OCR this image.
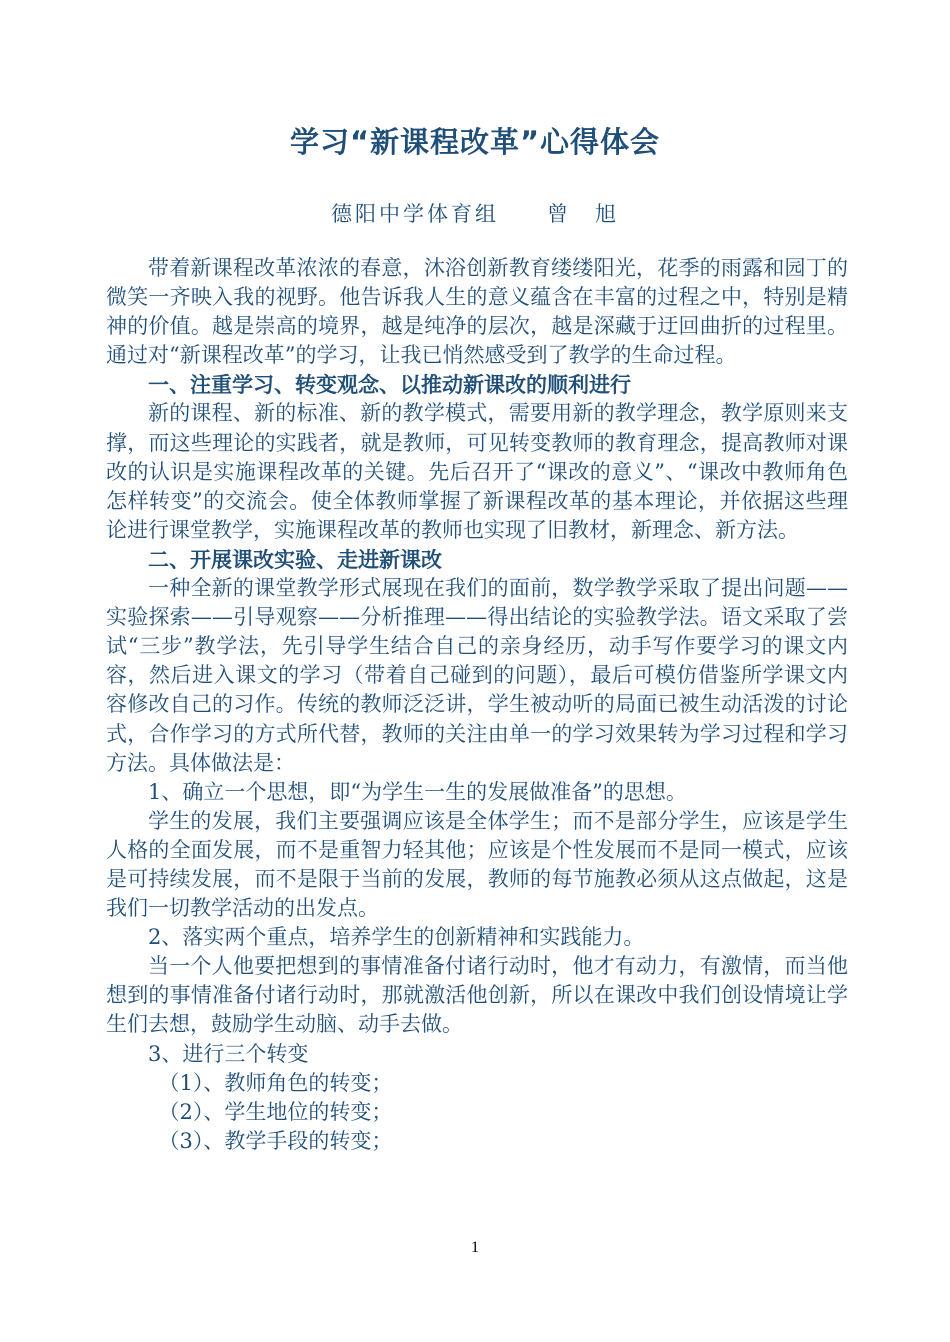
学习“新课程改革”心得体会
德阳中学体育组　　曾　旭

带着新课程改革浓浓的春意，沐浴创新教育缕缕阳光，花季的雨露和园丁的微笑一齐映入我的视野。他告诉我人生的意义蕴含在丰富的过程之中，特别是精神的价值。越是崇高的境界，越是纯净的层次，越是深藏于迂回曲折的过程里。通过对“新课程改革”的学习，让我已悄然感受到了教学的生命过程。

一、注重学习、转变观念、以推动新课改的顺利进行

新的课程、新的标准、新的教学模式，需要用新的教学理念，教学原则来支撑，而这些理论的实践者，就是教师，可见转变教师的教育理念，提高教师对课改的认识是实施课程改革的关键。先后召开了“课改的意义”、“课改中教师角色怎样转变”的交流会。使全体教师掌握了新课程改革的基本理论，并依据这些理论进行课堂教学，实施课程改革的教师也实现了旧教材，新理念、新方法。

二、开展课改实验、走进新课改

一种全新的课堂教学形式展现在我们的面前，数学教学采取了提出问题——实验探索——引导观察——分析推理——得出结论的实验教学法。语文采取了尝试“三步”教学法，先引导学生结合自己的亲身经历，动手写作要学习的课文内容，然后进入课文的学习（带着自己碰到的问题），最后可模仿借鉴所学课文内容修改自己的习作。传统的教师泛泛讲，学生被动听的局面已被生动活泼的讨论式，合作学习的方式所代替，教师的关注由单一的学习效果转为学习过程和学习方法。具体做法是：

1、确立一个思想，即“为学生一生的发展做准备”的思想。

学生的发展，我们主要强调应该是全体学生；而不是部分学生，应该是学生人格的全面发展，而不是重智力轻其他；应该是个性发展而不是同一模式，应该是可持续发展，而不是限于当前的发展，教师的每节施教必须从这点做起，这是我们一切教学活动的出发点。

2、落实两个重点，培养学生的创新精神和实践能力。

当一个人他要把想到的事情准备付诸行动时，他才有动力，有激情，而当他想到的事情准备付诸行动时，那就激活他创新，所以在课改中我们创设情境让学生们去想，鼓励学生动脑、动手去做。

3、进行三个转变

（1）、教师角色的转变；

（2）、学生地位的转变；

（3）、教学手段的转变；

1
